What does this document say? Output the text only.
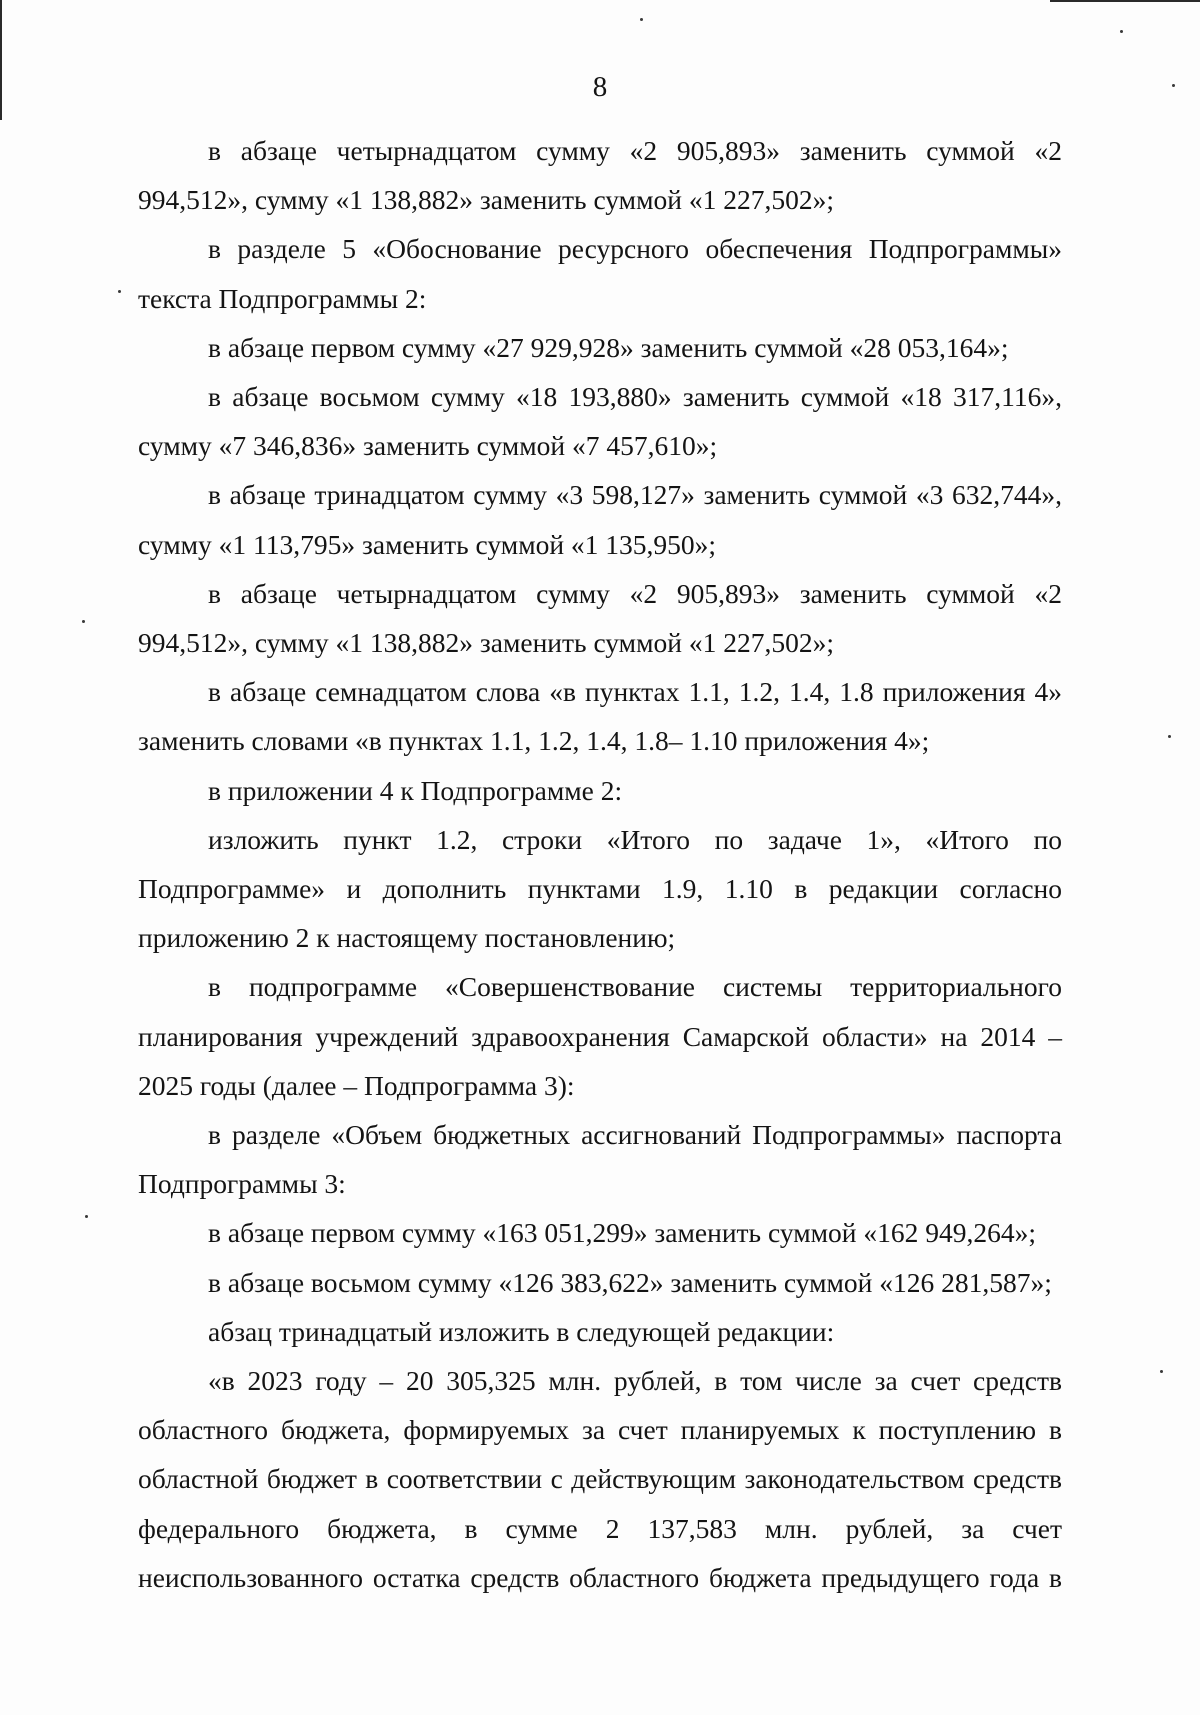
8

в абзаце четырнадцатом сумму «2 905,893» заменить суммой «2 994,512», сумму «1 138,882» заменить суммой «1 227,502»;

в разделе 5 «Обоснование ресурсного обеспечения Подпрограммы» текста Подпрограммы 2:

в абзаце первом сумму «27 929,928» заменить суммой «28 053,164»;

в абзаце восьмом сумму «18 193,880» заменить суммой «18 317,116», сумму «7 346,836» заменить суммой «7 457,610»;

в абзаце тринадцатом сумму «3 598,127» заменить суммой «3 632,744», сумму «1 113,795» заменить суммой «1 135,950»;

в абзаце четырнадцатом сумму «2 905,893» заменить суммой «2 994,512», сумму «1 138,882» заменить суммой «1 227,502»;

в абзаце семнадцатом слова «в пунктах 1.1, 1.2, 1.4, 1.8 приложения 4» заменить словами «в пунктах 1.1, 1.2, 1.4, 1.8– 1.10 приложения 4»;

в приложении 4 к Подпрограмме 2:

изложить пункт 1.2, строки «Итого по задаче 1», «Итого по Подпрограмме» и дополнить пунктами 1.9, 1.10 в редакции согласно приложению 2 к настоящему постановлению;

в подпрограмме «Совершенствование системы территориального планирования учреждений здравоохранения Самарской области» на 2014 – 2025 годы (далее – Подпрограмма 3):

в разделе «Объем бюджетных ассигнований Подпрограммы» паспорта Подпрограммы 3:

в абзаце первом сумму «163 051,299» заменить суммой «162 949,264»;

в абзаце восьмом сумму «126 383,622» заменить суммой «126 281,587»;

абзац тринадцатый изложить в следующей редакции:

«в 2023 году – 20 305,325 млн. рублей, в том числе за счет средств областного бюджета, формируемых за счет планируемых к поступлению в областной бюджет в соответствии с действующим законодательством средств федерального бюджета, в сумме 2 137,583 млн. рублей, за счет неиспользованного остатка средств областного бюджета предыдущего года в
